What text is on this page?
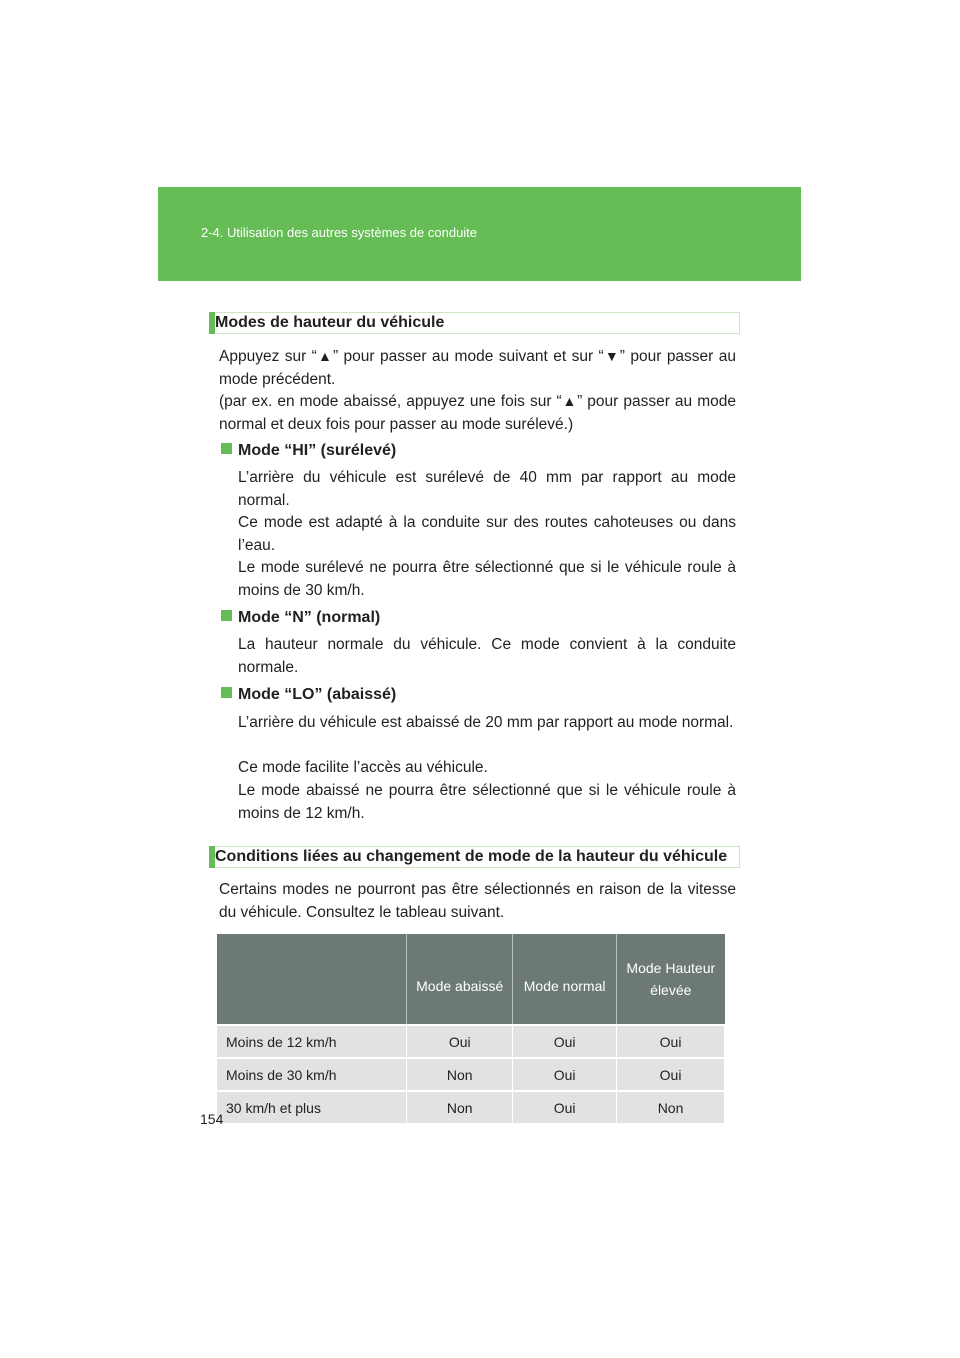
2-4. Utilisation des autres systèmes de conduite
Modes de hauteur du véhicule
Appuyez sur “▲” pour passer au mode suivant et sur “▼” pour passer au mode précédent.
(par ex. en mode abaissé, appuyez une fois sur “▲” pour passer au mode normal et deux fois pour passer au mode surélevé.)
Mode “HI” (surélevé)
L’arrière du véhicule est surélevé de 40 mm par rapport au mode normal.
Ce mode est adapté à la conduite sur des routes cahoteuses ou dans l’eau.
Le mode surélevé ne pourra être sélectionné que si le véhicule roule à moins de 30 km/h.
Mode “N” (normal)
La hauteur normale du véhicule. Ce mode convient à la conduite normale.
Mode “LO” (abaissé)
L’arrière du véhicule est abaissé de 20 mm par rapport au mode normal.
Ce mode facilite l’accès au véhicule.
Le mode abaissé ne pourra être sélectionné que si le véhicule roule à moins de 12 km/h.
Conditions liées au changement de mode de la hauteur du véhicule
Certains modes ne pourront pas être sélectionnés en raison de la vitesse du véhicule. Consultez le tableau suivant.
	Mode abaissé	Mode normal	Mode Hauteur élevée
Moins de 12 km/h	Oui	Oui	Oui
Moins de 30 km/h	Non	Oui	Oui
30 km/h et plus	Non	Oui	Non
154
